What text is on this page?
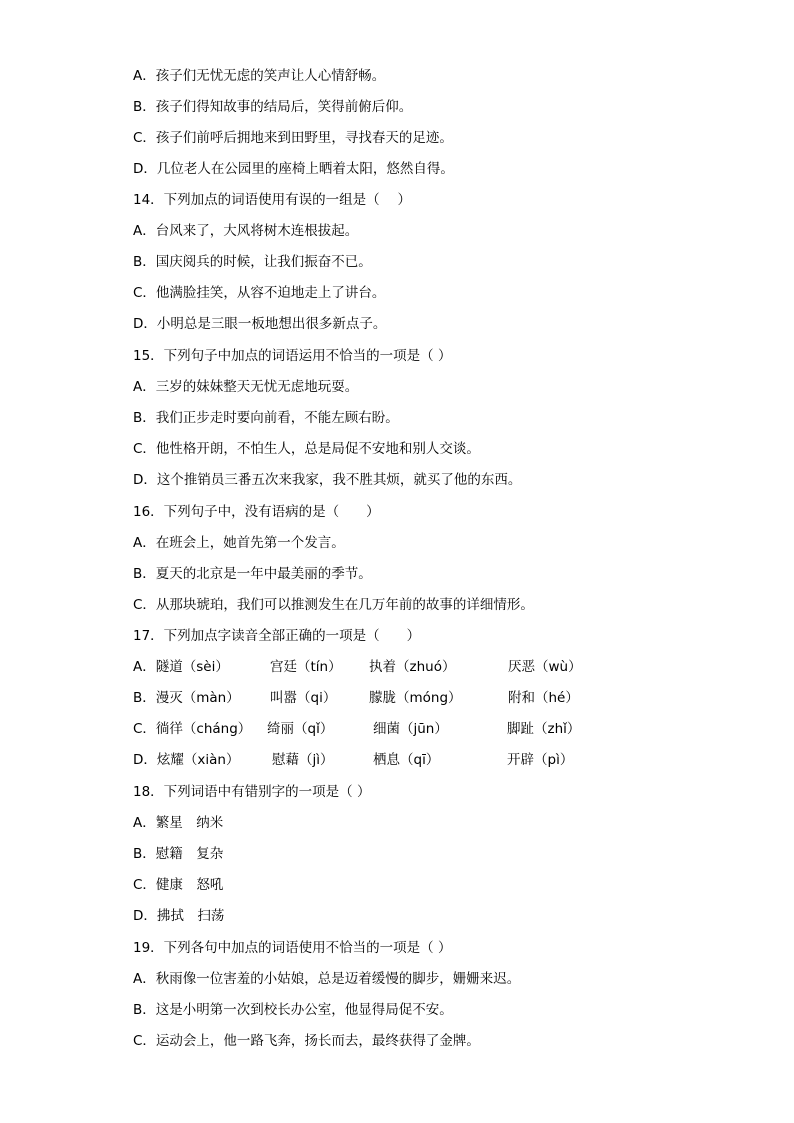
A．孩子们无忧无虑的笑声让人心情舒畅。
B．孩子们得知故事的结局后，笑得前俯后仰。
C．孩子们前呼后拥地来到田野里，寻找春天的足迹。
D．几位老人在公园里的座椅上晒着太阳，悠然自得。
14．下列加点的词语使用有误的一组是（　 ）
A．台风来了，大风将树木连根拔起。
B．国庆阅兵的时候，让我们振奋不已。
C．他满脸挂笑，从容不迫地走上了讲台。
D．小明总是三眼一板地想出很多新点子。
15．下列句子中加点的词语运用不恰当的一项是（ ）
A．三岁的妹妹整天无忧无虑地玩耍。
B．我们正步走时要向前看，不能左顾右盼。
C．他性格开朗，不怕生人，总是局促不安地和别人交谈。
D．这个推销员三番五次来我家，我不胜其烦，就买了他的东西。
16．下列句子中，没有语病的是（　　）
A．在班会上，她首先第一个发言。
B．夏天的北京是一年中最美丽的季节。
C．从那块琥珀，我们可以推测发生在几万年前的故事的详细情形。
17．下列加点字读音全部正确的一项是（　　）
A．隧道（sèi）	宫廷（tín） 执着（zhuó）	厌恶（wù）
B．漫灭（màn） 叫嚣（qi） 朦胧（móng）	附和（hé）
C．徜徉（cháng） 绮丽（qǐ）	细菌（jūn）	脚趾（zhǐ）
D．炫耀（xiàn） 慰藉（jì）	栖息（qī）	开辟（pì）
18．下列词语中有错别字的一项是（ ）
A．繁星　纳米
B．慰籍　复杂
C．健康　怒吼
D．拂拭　扫荡
19．下列各句中加点的词语使用不恰当的一项是（ ）
A．秋雨像一位害羞的小姑娘，总是迈着缓慢的脚步，姗姗来迟。
B．这是小明第一次到校长办公室，他显得局促不安。
C．运动会上，他一路飞奔，扬长而去，最终获得了金牌。
